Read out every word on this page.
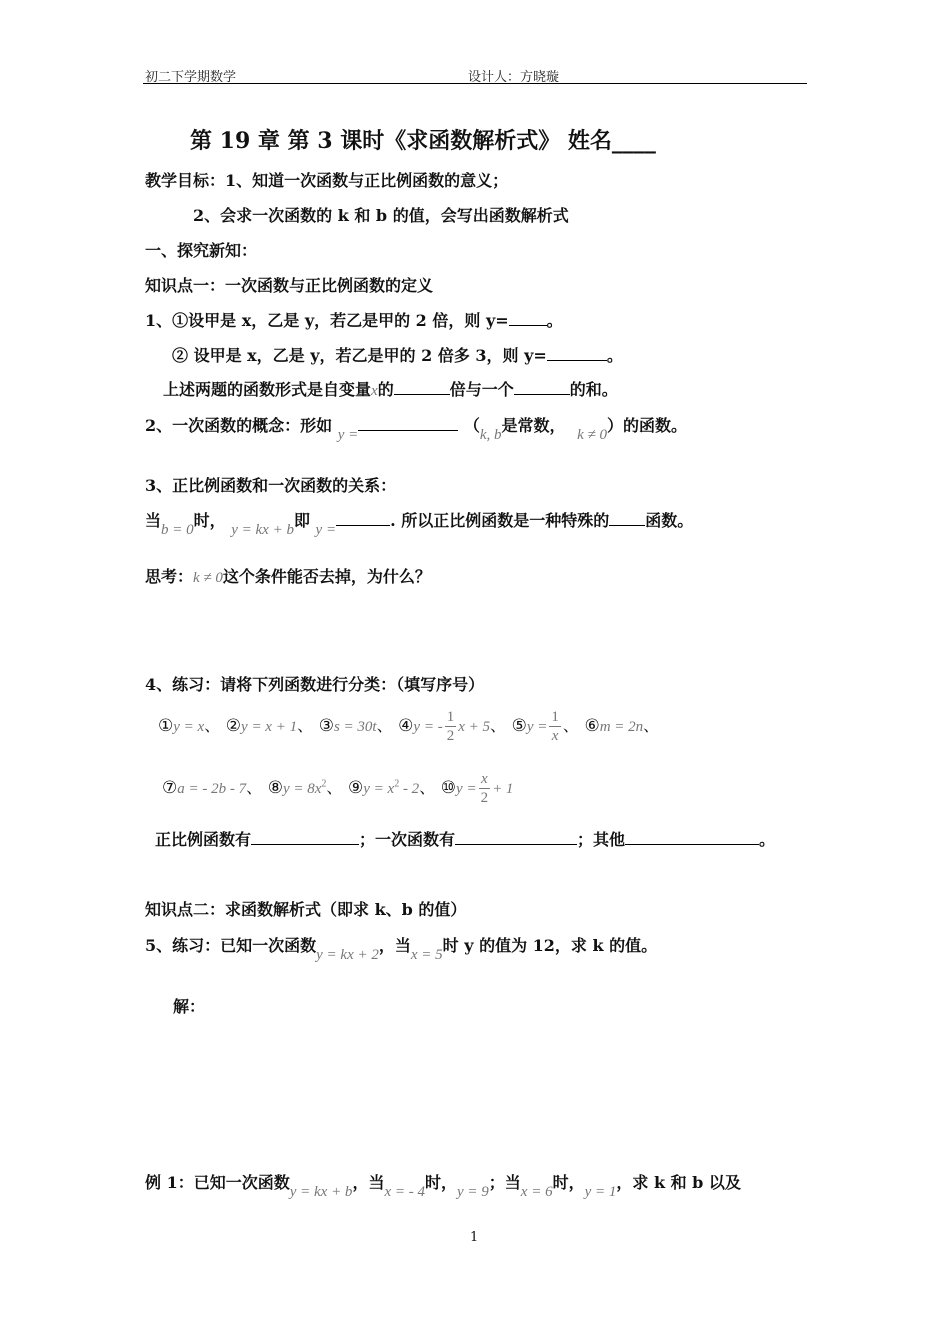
初二下学期数学	设计人：方晓璇
第 19 章 第 3 课时《求函数解析式》 姓名____
教学目标：1、知道一次函数与正比例函数的意义；
2、会求一次函数的 k 和 b 的值，会写出函数解析式
一、探究新知：
知识点一：一次函数与正比例函数的定义
1、①设甲是 x，乙是 y，若乙是甲的 2 倍，则 y= 。
② 设甲是 x，乙是 y，若乙是甲的 2 倍多 3，则 y=	。
上述两题的函数形式是自变量x的	倍与一个	的和。
2、一次函数的概念：形如 y =	（k, b是常数， k ≠ 0）的函数。
3、正比例函数和一次函数的关系：
当b = 0时， y = kx + b即 y =	. 所以正比例函数是一种特殊的 函数。
思考：k ≠ 0这个条件能否去掉，为什么？
4、练习：请将下列函数进行分类：（填写序号）
①y = x、 ②y = x + 1、 ③s = 30t、 ④y = - $\frac{1}{2}$ x + 5、 ⑤y = $\frac{1}{x}$ 、 ⑥m = 2n、
⑦a = - 2b - 7、 ⑧y = $8x^2$、 ⑨y = $x^2 - 2$、 ⑩y = $\frac{x}{2} + 1$
正比例函数有	；一次函数有	；其他	。
知识点二：求函数解析式（即求 k、b 的值）
5、练习：已知一次函数y = kx + 2，当x = 5时 y 的值为 12，求 k 的值。
解：
例 1：已知一次函数y = kx + b，当x = - 4时，y = 9；当x = 6时，y = 1，求 k 和 b 以及
1
